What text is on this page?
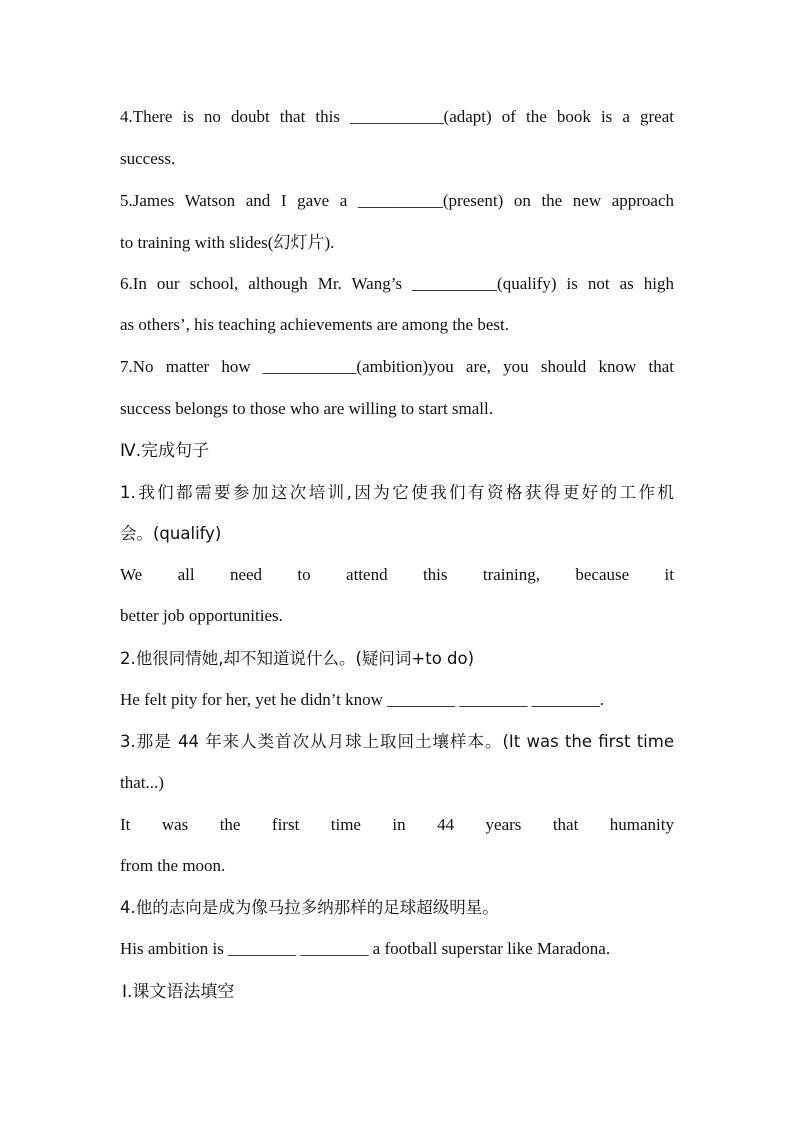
4.There is no doubt that this ___________(adapt) of the book is a great
success.
5.James Watson and I gave a __________(present) on the new approach
to training with slides(幻灯片).
6.In our school, although Mr. Wang’s __________(qualify) is not as high
as others’, his teaching achievements are among the best.
7.No matter how ___________(ambition)you are, you should know that
success belongs to those who are willing to start small.
Ⅳ.完成句子
1.我们都需要参加这次培训,因为它使我们有资格获得更好的工作机
会。(qualify)
We all need to attend this training, because it
better job opportunities.
2.他很同情她,却不知道说什么。(疑问词+to do)
He felt pity for her, yet he didn’t know ________ ________ ________.
3.那是 44 年来人类首次从月球上取回土壤样本。(It was the first time
that...)
It was the first time in 44 years that humanity
from the moon.
4.他的志向是成为像马拉多纳那样的足球超级明星。
His ambition is ________ ________ a football superstar like Maradona.
Ⅰ.课文语法填空
